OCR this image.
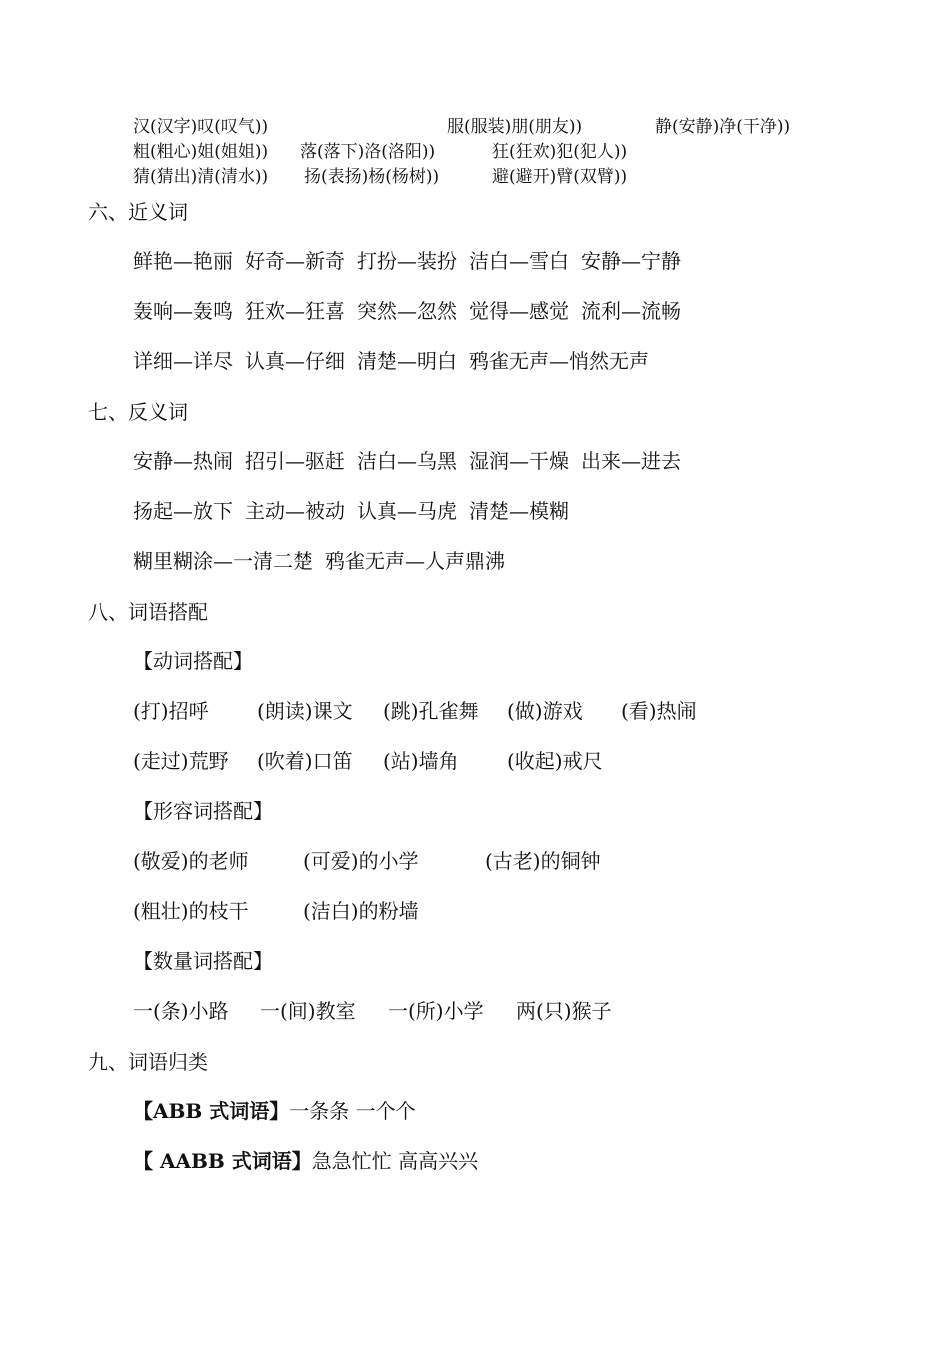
汉(汉字)叹(叹气))	服(服装)朋(朋友))	静(安静)净(干净))
粗(粗心)姐(姐姐)) 落(落下)洛(洛阳))	狂(狂欢)犯(犯人))
猜(猜出)清(清水)) 扬(表扬)杨(杨树))	避(避开)臂(双臂))
六、近义词
鲜艳—艳丽 好奇—新奇 打扮—装扮 洁白—雪白 安静—宁静
轰响—轰鸣 狂欢—狂喜 突然—忽然 觉得—感觉 流利—流畅
详细—详尽 认真—仔细 清楚—明白 鸦雀无声—悄然无声
七、反义词
安静—热闹 招引—驱赶 洁白—乌黑 湿润—干燥 出来—进去
扬起—放下 主动—被动 认真—马虎 清楚—模糊
糊里糊涂—一清二楚 鸦雀无声—人声鼎沸
八、词语搭配
【动词搭配】
(打)招呼 (朗读)课文 (跳)孔雀舞 (做)游戏 (看)热闹
(走过)荒野 (吹着)口笛 (站)墙角 (收起)戒尺
【形容词搭配】
(敬爱)的老师	(可爱)的小学	(古老)的铜钟
(粗壮)的枝干	(洁白)的粉墙
【数量词搭配】
一(条)小路 一(间)教室 一(所)小学 两(只)猴子
九、词语归类
【ABB 式词语】一条条 一个个
【 AABB 式词语】急急忙忙 高高兴兴
